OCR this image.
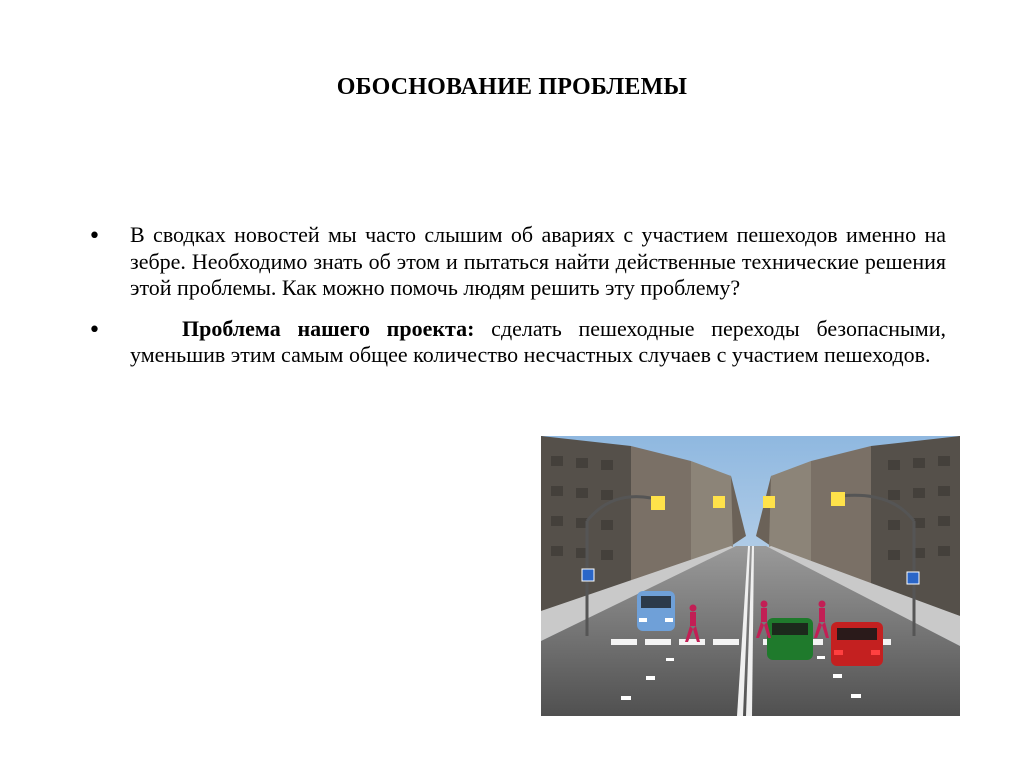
ОБОСНОВАНИЕ ПРОБЛЕМЫ
• В сводках новостей мы часто слышим об авариях с участием пешеходов именно на зебре. Необходимо знать об этом и пытаться найти действенные технические решения этой проблемы. Как можно помочь людям решить эту проблему?
•	Проблема нашего проекта: сделать пешеходные переходы безопасными, уменьшив этим самым общее количество несчастных случаев с участием пешеходов.
